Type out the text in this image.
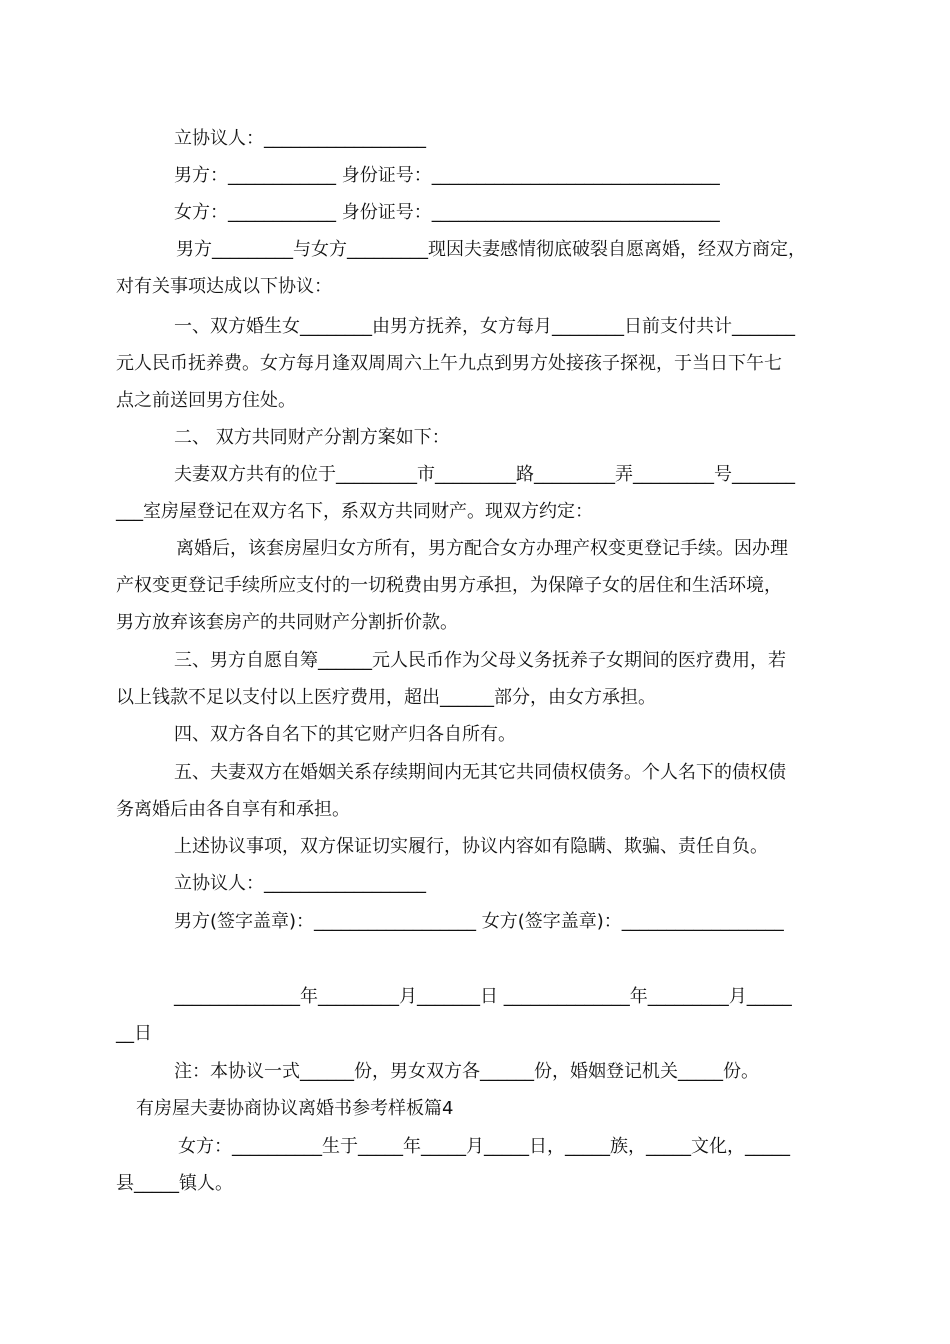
立协议人：__________________
男方：____________ 身份证号：________________________________
女方：____________ 身份证号：________________________________
男方_________与女方_________现因夫妻感情彻底破裂自愿离婚，经双方商定，
对有关事项达成以下协议：
一、双方婚生女________由男方抚养，女方每月________日前支付共计_______
元人民币抚养费。女方每月逢双周周六上午九点到男方处接孩子探视，于当日下午七
点之前送回男方住处。
二、 双方共同财产分割方案如下：
夫妻双方共有的位于_________市_________路_________弄_________号_______
___室房屋登记在双方名下，系双方共同财产。现双方约定：
离婚后，该套房屋归女方所有，男方配合女方办理产权变更登记手续。因办理
产权变更登记手续所应支付的一切税费由男方承担，为保障子女的居住和生活环境，
男方放弃该套房产的共同财产分割折价款。
三、男方自愿自筹______元人民币作为父母义务抚养子女期间的医疗费用，若
以上钱款不足以支付以上医疗费用，超出______部分，由女方承担。
四、双方各自名下的其它财产归各自所有。
五、夫妻双方在婚姻关系存续期间内无其它共同债权债务。个人名下的债权债
务离婚后由各自享有和承担。
上述协议事项，双方保证切实履行，协议内容如有隐瞒、欺骗、责任自负。
立协议人：__________________
男方(签字盖章)：__________________ 女方(签字盖章)：__________________
______________年_________月_______日 ______________年_________月_____
__日
注：本协议一式______份，男女双方各______份，婚姻登记机关_____份。
有房屋夫妻协商协议离婚书参考样板篇4
女方：__________生于_____年_____月_____日，_____族，_____文化，_____
县_____镇人。
